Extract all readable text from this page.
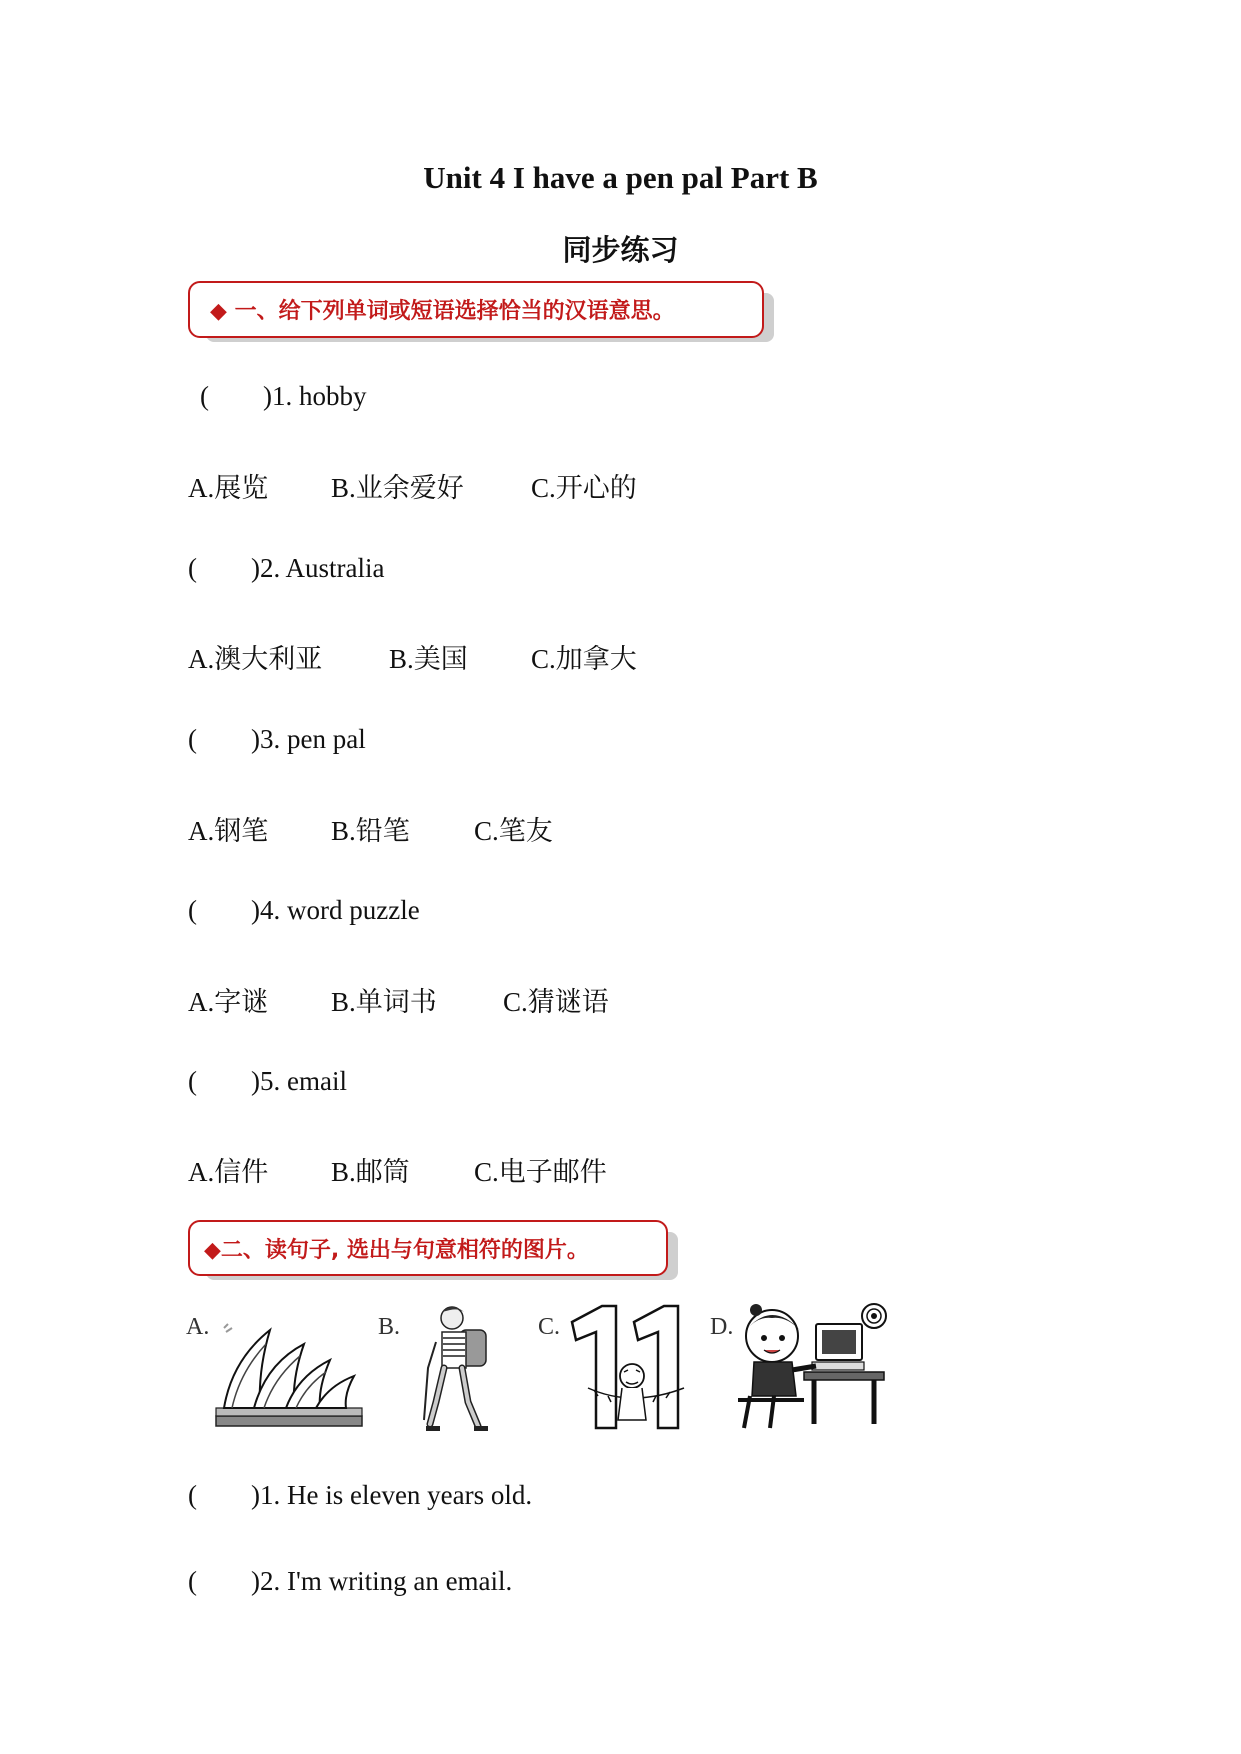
Unit 4 I have a pen pal Part B
同步练习
◆ 一、给下列单词或短语选择恰当的汉语意思。
(        )1. hobby
A.展览 B.业余爱好 C.开心的
(        )2. Australia
A.澳大利亚 B.美国 C.加拿大
(        )3. pen pal
A.钢笔 B.铅笔 C.笔友
(        )4. word puzzle
A.字谜 B.单词书 C.猜谜语
(        )5. email
A.信件 B.邮筒 C.电子邮件
◆二、读句子, 选出与句意相符的图片。
A.	B.	C.	D.
(        )1. He is eleven years old.
(        )2. I'm writing an email.
